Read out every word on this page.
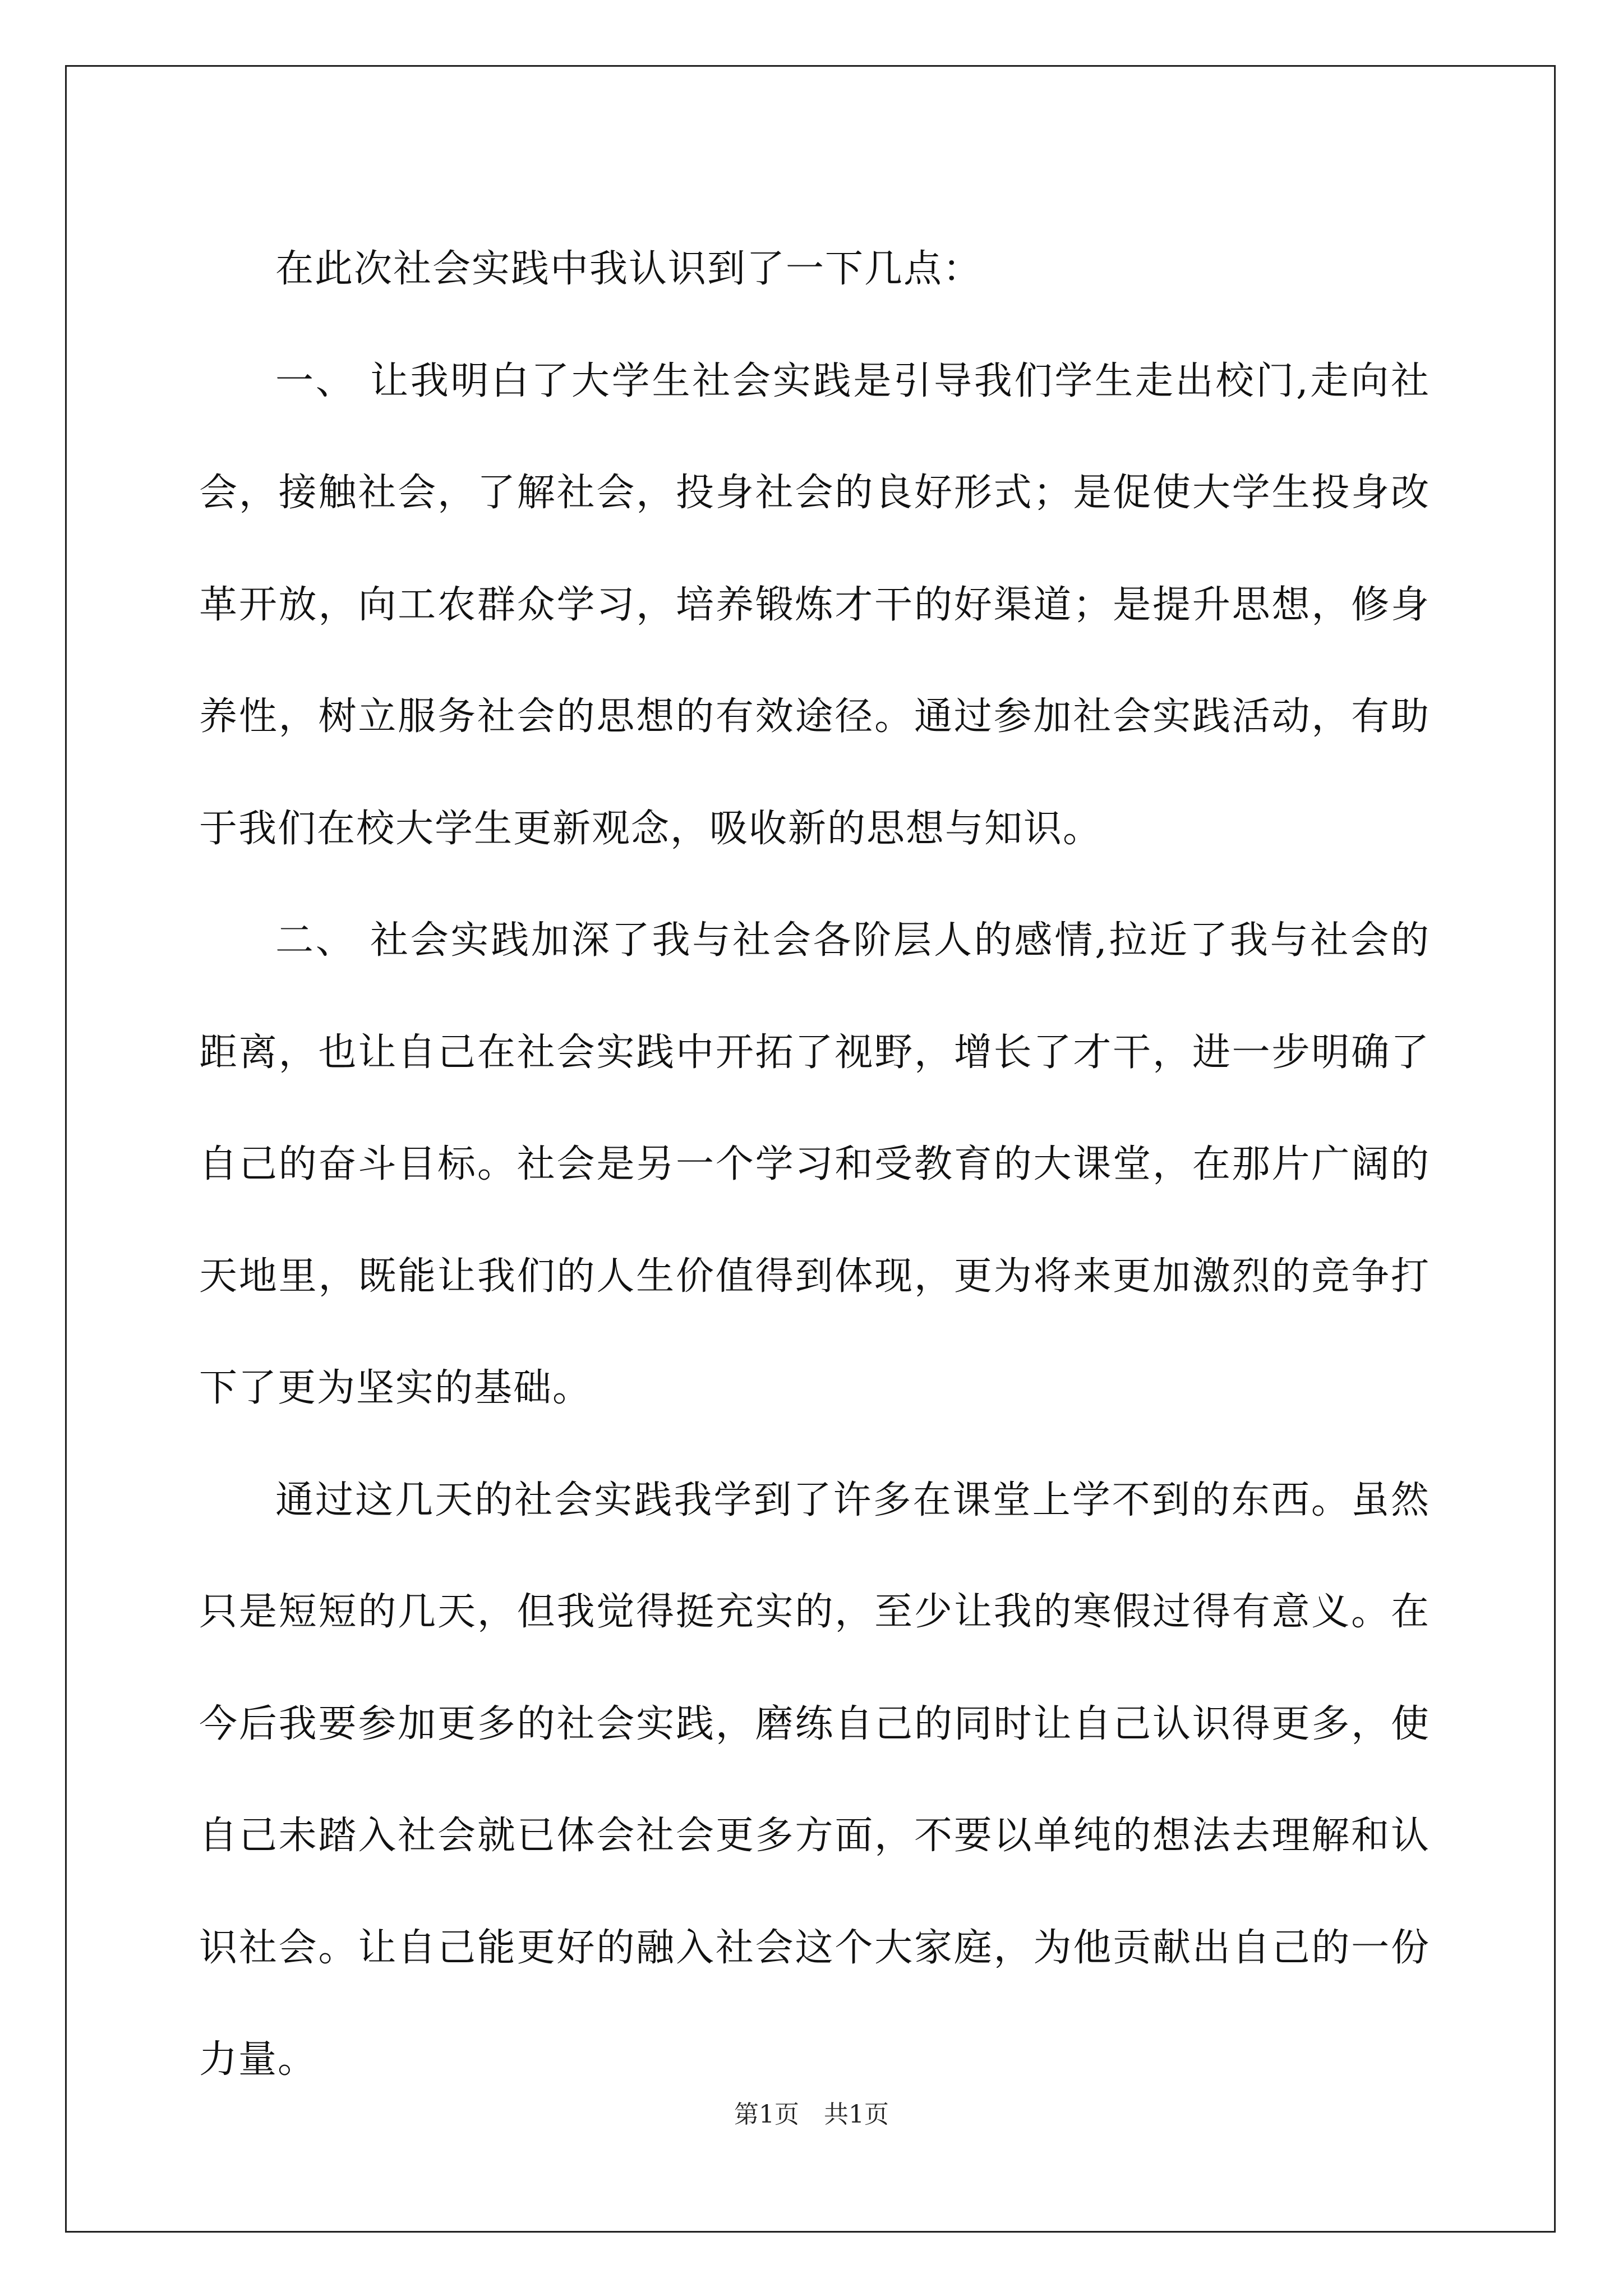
在此次社会实践中我认识到了一下几点：

一、 让我明白了大学生社会实践是引导我们学生走出校门,走向社会，接触社会，了解社会，投身社会的良好形式；是促使大学生投身改革开放，向工农群众学习，培养锻炼才干的好渠道；是提升思想，修身养性，树立服务社会的思想的有效途径。通过参加社会实践活动，有助于我们在校大学生更新观念，吸收新的思想与知识。

二、 社会实践加深了我与社会各阶层人的感情,拉近了我与社会的距离，也让自己在社会实践中开拓了视野，增长了才干，进一步明确了自己的奋斗目标。社会是另一个学习和受教育的大课堂，在那片广阔的天地里，既能让我们的人生价值得到体现，更为将来更加激烈的竞争打下了更为坚实的基础。

通过这几天的社会实践我学到了许多在课堂上学不到的东西。虽然只是短短的几天，但我觉得挺充实的，至少让我的寒假过得有意义。在今后我要参加更多的社会实践，磨练自己的同时让自己认识得更多，使自己未踏入社会就已体会社会更多方面，不要以单纯的想法去理解和认识社会。让自己能更好的融入社会这个大家庭，为他贡献出自己的一份力量。

第1页 共1页
